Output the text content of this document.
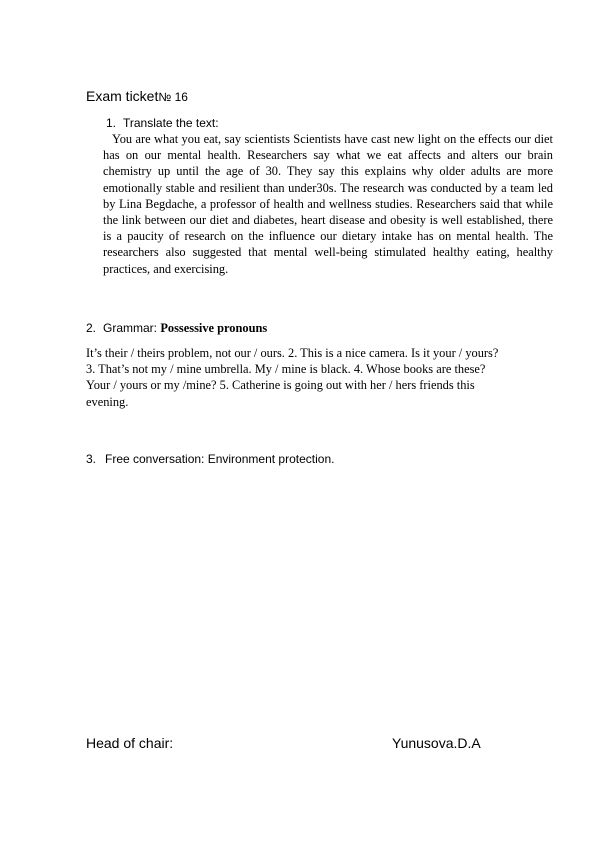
Exam ticket№ 16
1. Translate the text:

You are what you eat, say scientists Scientists have cast new light on the effects our diet has on our mental health. Researchers say what we eat affects and alters our brain chemistry up until the age of 30. They say this explains why older adults are more emotionally stable and resilient than under30s. The research was conducted by a team led by Lina Begdache, a professor of health and wellness studies. Researchers said that while the link between our diet and diabetes, heart disease and obesity is well established, there is a paucity of research on the influence our dietary intake has on mental health. The researchers also suggested that mental well-being stimulated healthy eating, healthy practices, and exercising.

2. Grammar: Possessive pronouns
It’s their / theirs problem, not our / ours. 2. This is a nice camera. Is it your / yours?
3. That’s not my / mine umbrella. My / mine is black. 4. Whose books are these?
Your / yours or my /mine? 5. Catherine is going out with her / hers friends this
evening.
3. Free conversation: Environment protection.
Head of chair:	Yunusova.D.A
